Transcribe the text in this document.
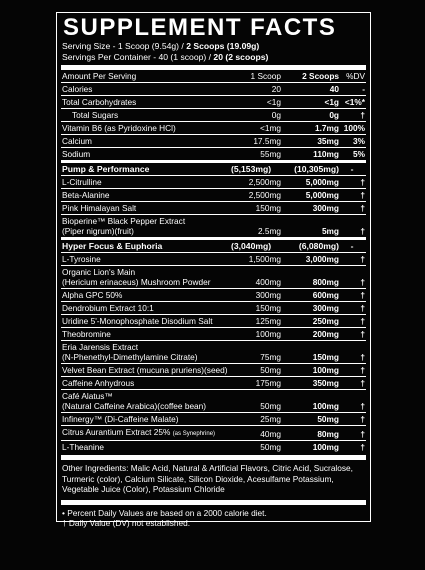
SUPPLEMENT FACTS
Serving Size - 1 Scoop (9.54g) / 2 Scoops (19.09g)
Servings Per Container - 40 (1 scoop) / 20 (2 scoops)
Amount Per Serving	1 Scoop	2 Scoops %DV
Calories	20	40	-
Total Carbohydrates	<1g	<1g <1%*
Total Sugars	0g	0g	†
Vitamin B6 (as Pyridoxine HCl)	<1mg	1.7mg 100%
Calcium	17.5mg	35mg	3%
Sodium	55mg	110mg	5%
Pump & Performance	(5,153mg)	(10,305mg)	-
L-Citrulline	2,500mg	5,000mg	†
Beta-Alanine	2,500mg	5,000mg	†
Pink Himalayan Salt	150mg	300mg	†
Bioperine™ Black Pepper Extract
(Piper nigrum)(fruit)	2.5mg	5mg	†
Hyper Focus & Euphoria	(3,040mg)	(6,080mg)	-
L-Tyrosine	1,500mg	3,000mg	†
Organic Lion's Main
(Hericium erinaceus) Mushroom Powder	400mg	800mg	†
Alpha GPC 50%	300mg	600mg	†
Dendrobium Extract 10:1	150mg	300mg	†
Uridine 5'-Monophosphate Disodium Salt	125mg	250mg	†
Theobromine	100mg	200mg	†
Eria Jarensis Extract
(N-Phenethyl-Dimethylamine Citrate)	75mg	150mg	†
Velvet Bean Extract (mucuna pruriens)(seed)	50mg	100mg	†
Caffeine Anhydrous	175mg	350mg	†
Café Alatus™
(Natural Caffeine Arabica)(coffee bean)	50mg	100mg	†
Infinergy™ (Di-Caffeine Malate)	25mg	50mg	†
Citrus Aurantium Extract 25% (as Synephrine)	40mg	80mg	†
L-Theanine	50mg	100mg	†
Other Ingredients: Malic Acid, Natural & Artificial Flavors, Citric Acid, Sucralose, Turmeric (color), Calcium Silicate, Silicon Dioxide, Acesulfame Potassium, Vegetable Juice (Color), Potassium Chloride
• Percent Daily Values are based on a 2000 calorie diet.
† Daily Value (DV) not established.
